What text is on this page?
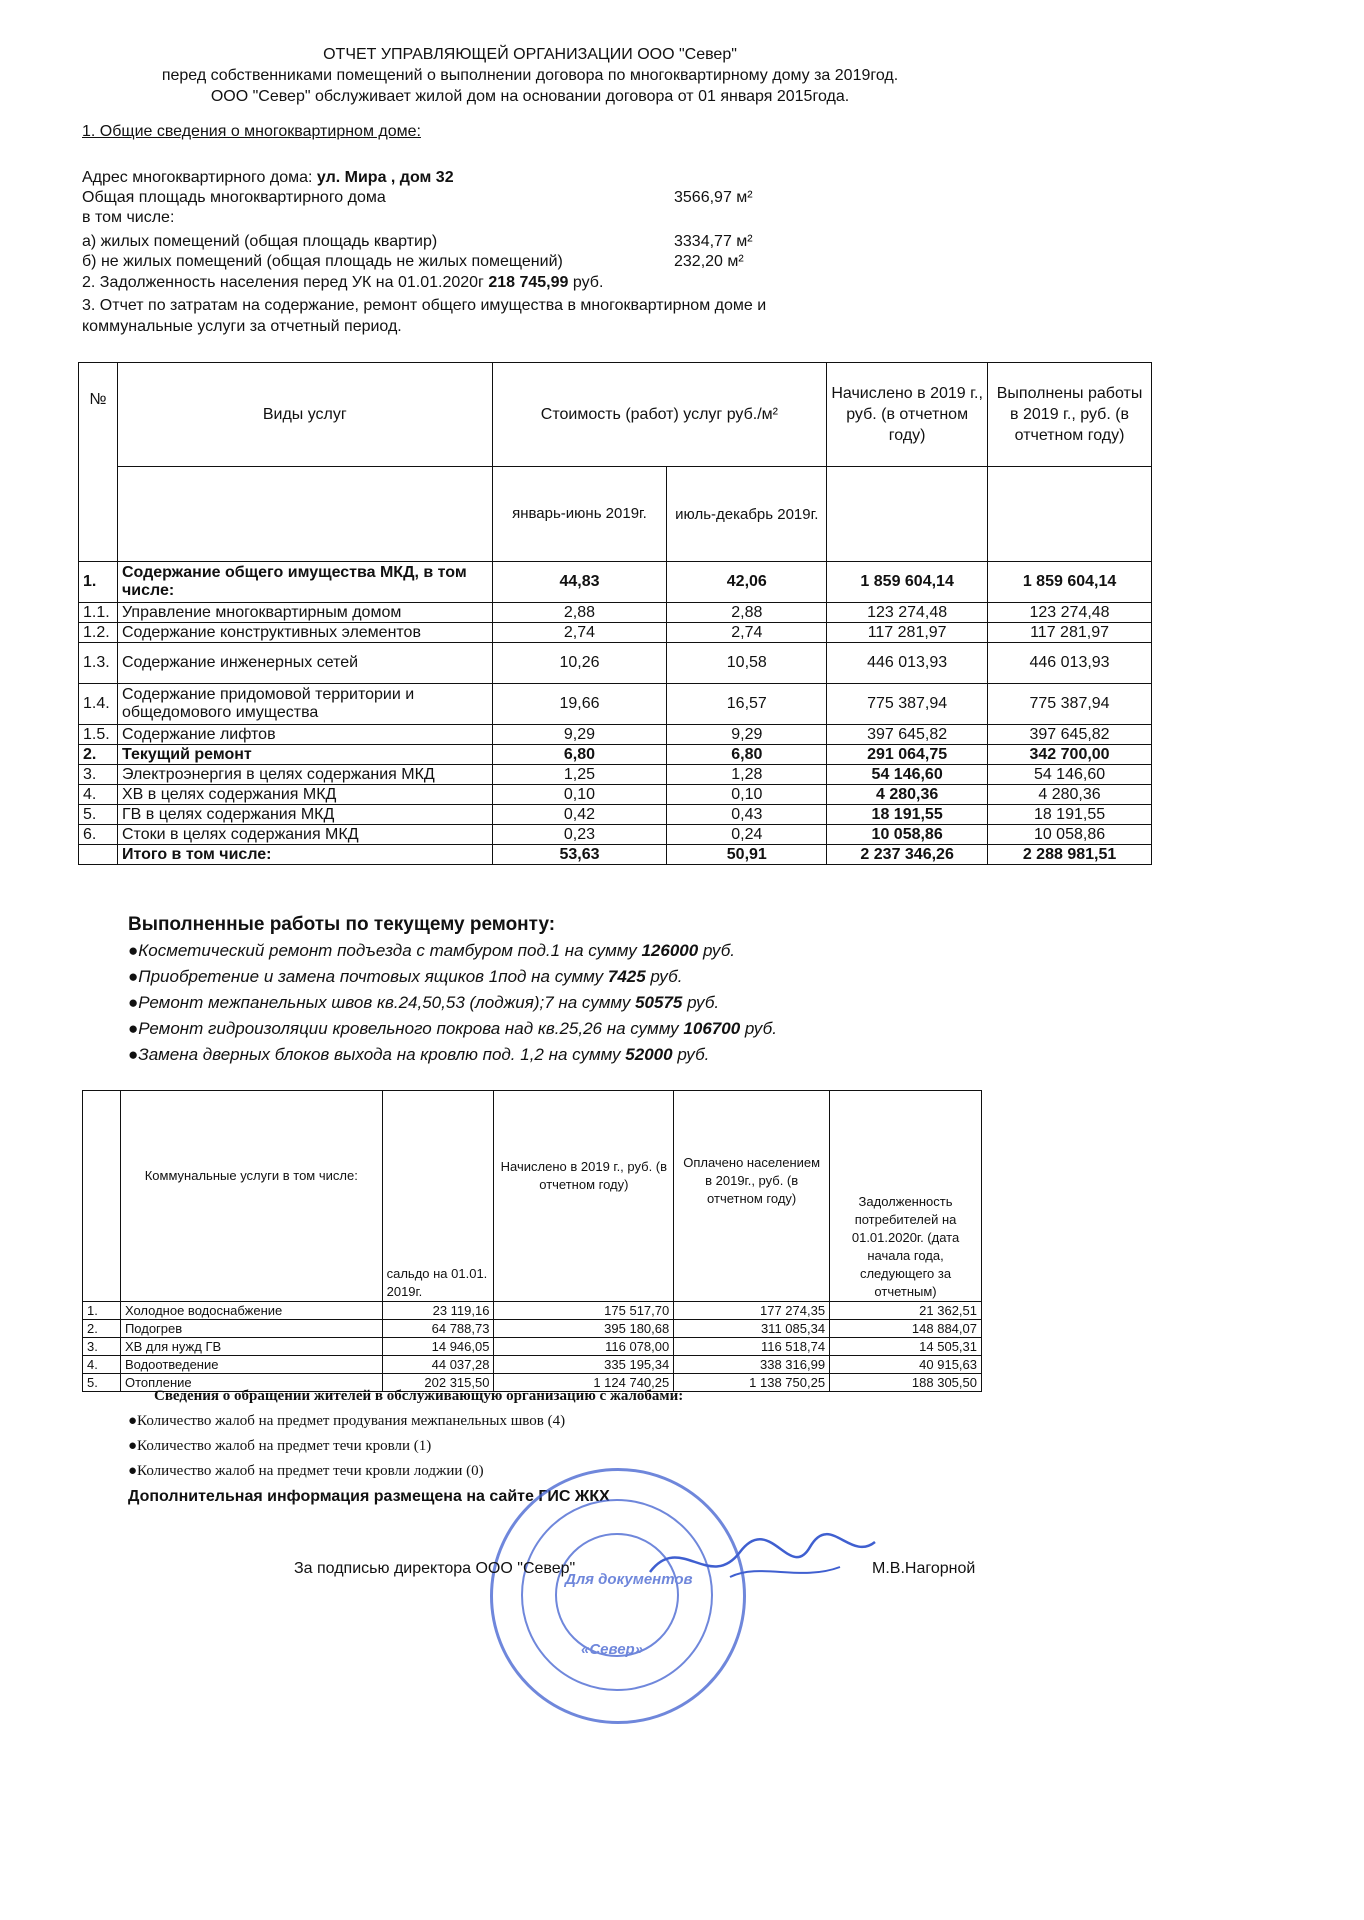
ОТЧЕТ УПРАВЛЯЮЩЕЙ ОРГАНИЗАЦИИ ООО "Север"
перед собственниками помещений о выполнении договора по многоквартирному дому за 2019год.
ООО "Север" обслуживает жилой дом на основании договора от 01 января 2015года.
1. Общие сведения о многоквартирном доме:
Адрес многоквартирного дома: ул. Мира , дом 32
Общая площадь многоквартирного дома	3566,97 м²
в том числе:
а) жилых помещений (общая площадь квартир)	3334,77 м²
б) не жилых помещений (общая площадь не жилых помещений)	232,20 м²
2. Задолженность населения перед УК на 01.01.2020г 218 745,99 руб.
3. Отчет по затратам на содержание, ремонт общего имущества в многоквартирном доме и
коммунальные услуги за отчетный период.
№	Виды услуг	Стоимость (работ) услуг руб./м²		Начислено в 2019 г., руб. (в отчетном году)	Выполнены работы в 2019 г., руб. (в отчетном году)
		январь-июнь 2019г.	июль-декабрь 2019г.		
1.	Содержание общего имущества МКД, в том числе:	44,83	42,06	1 859 604,14	1 859 604,14
1.1.	Управление многоквартирным домом	2,88	2,88	123 274,48	123 274,48
1.2.	Содержание конструктивных элементов	2,74	2,74	117 281,97	117 281,97
1.3.	Содержание инженерных сетей	10,26	10,58	446 013,93	446 013,93
1.4.	Содержание придомовой территории и общедомового имущества	19,66	16,57	775 387,94	775 387,94
1.5.	Содержание лифтов	9,29	9,29	397 645,82	397 645,82
2.	Текущий ремонт	6,80	6,80	291 064,75	342 700,00
3.	Электроэнергия в целях содержания МКД	1,25	1,28	54 146,60	54 146,60
4.	ХВ в целях содержания МКД	0,10	0,10	4 280,36	4 280,36
5.	ГВ в целях содержания МКД	0,42	0,43	18 191,55	18 191,55
6.	Стоки в целях содержания МКД	0,23	0,24	10 058,86	10 058,86
	Итого в том числе:	53,63	50,91	2 237 346,26	2 288 981,51
Выполненные работы по текущему ремонту:
●Косметический ремонт подъезда с тамбуром под.1 на сумму 126000 руб.
●Приобретение и замена почтовых ящиков 1под на сумму 7425 руб.
●Ремонт межпанельных швов кв.24,50,53 (лоджия);7 на сумму 50575 руб.
●Ремонт гидроизоляции кровельного покрова над кв.25,26 на сумму 106700 руб.
●Замена дверных блоков выхода на кровлю под. 1,2 на сумму 52000 руб.
	Коммунальные услуги в том числе:	сальдо на 01.01. 2019г.	Начислено в 2019 г., руб. (в отчетном году)	Оплачено населением в 2019г., руб. (в отчетном году)	Задолженность потребителей на 01.01.2020г. (дата начала года, следующего за отчетным)
1.	Холодное водоснабжение	23 119,16	175 517,70	177 274,35	21 362,51
2.	Подогрев	64 788,73	395 180,68	311 085,34	148 884,07
3.	ХВ для нужд ГВ	14 946,05	116 078,00	116 518,74	14 505,31
4.	Водоотведение	44 037,28	335 195,34	338 316,99	40 915,63
5.	Отопление	202 315,50	1 124 740,25	1 138 750,25	188 305,50
Сведения о обращении жителей в обслуживающую организацию с жалобами:
●Количество жалоб на предмет продувания межпанельных швов (4)
●Количество жалоб на предмет течи кровли (1)
●Количество жалоб на предмет течи кровли лоджии (0)
Дополнительная информация размещена на сайте ГИС ЖКХ
Для документов
«Север»
За подписью директора ООО "Север"	М.В.Нагорной
